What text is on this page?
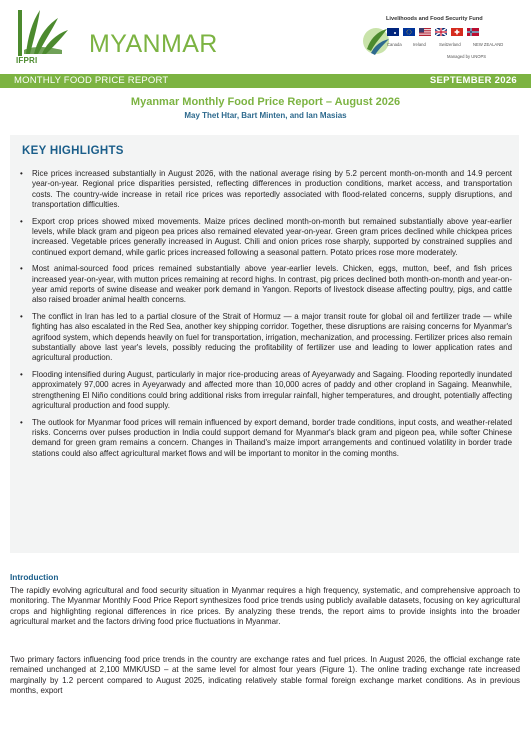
IFPRI
MYANMAR
Livelihoods and Food Security Fund
Canada	Ireland	Switzerland	NEW ZEALAND
Managed by UNOPS
MONTHLY FOOD PRICE REPORT	SEPTEMBER 2026
Myanmar Monthly Food Price Report – August 2026
May Thet Htar, Bart Minten, and Ian Masias
KEY HIGHLIGHTS
• Rice prices increased substantially in August 2026, with the national average rising by 5.2 percent month-on-month and 14.9 percent year-on-year. Regional price disparities persisted, reflecting differences in production conditions, market access, and transportation costs. The country-wide increase in retail rice prices was reportedly associated with flood-related concerns, supply disruptions, and transportation difficulties.
• Export crop prices showed mixed movements. Maize prices declined month-on-month but remained substantially above year-earlier levels, while black gram and pigeon pea prices also remained elevated year-on-year. Green gram prices declined while chickpea prices increased. Vegetable prices generally increased in August. Chili and onion prices rose sharply, supported by constrained supplies and continued export demand, while garlic prices increased following a seasonal pattern. Potato prices rose more moderately.
• Most animal-sourced food prices remained substantially above year-earlier levels. Chicken, eggs, mutton, beef, and fish prices increased year-on-year, with mutton prices remaining at record highs. In contrast, pig prices declined both month-on-month and year-on-year amid reports of swine disease and weaker pork demand in Yangon. Reports of livestock disease affecting poultry, pigs, and cattle also raised broader animal health concerns.
• The conflict in Iran has led to a partial closure of the Strait of Hormuz — a major transit route for global oil and fertilizer trade — while fighting has also escalated in the Red Sea, another key shipping corridor. Together, these disruptions are raising concerns for Myanmar's agrifood system, which depends heavily on fuel for transportation, irrigation, mechanization, and processing. Fertilizer prices also remain substantially above last year's levels, possibly reducing the profitability of fertilizer use and leading to lower application rates and agricultural production.
• Flooding intensified during August, particularly in major rice-producing areas of Ayeyarwady and Sagaing. Flooding reportedly inundated approximately 97,000 acres in Ayeyarwady and affected more than 10,000 acres of paddy and other cropland in Sagaing. Meanwhile, strengthening El Niño conditions could bring additional risks from irregular rainfall, higher temperatures, and drought, potentially affecting agricultural production and food supply.
• The outlook for Myanmar food prices will remain influenced by export demand, border trade conditions, input costs, and weather-related risks. Concerns over pulses production in India could support demand for Myanmar's black gram and pigeon pea, while softer Chinese demand for green gram remains a concern. Changes in Thailand's maize import arrangements and continued volatility in border trade stations could also affect agricultural market flows and will be important to monitor in the coming months.
Introduction

The rapidly evolving agricultural and food security situation in Myanmar requires a high frequency, systematic, and comprehensive approach to monitoring. The Myanmar Monthly Food Price Report synthesizes food price trends using publicly available datasets, focusing on key agricultural crops and highlighting regional differences in rice prices. By analyzing these trends, the report aims to provide insights into the broader agricultural market and the factors driving food price fluctuations in Myanmar.

Two primary factors influencing food price trends in the country are exchange rates and fuel prices. In August 2026, the official exchange rate remained unchanged at 2,100 MMK/USD – at the same level for almost four years (Figure 1). The online trading exchange rate increased marginally by 1.2 percent compared to August 2025, indicating relatively stable formal foreign exchange market conditions. As in previous months, export
